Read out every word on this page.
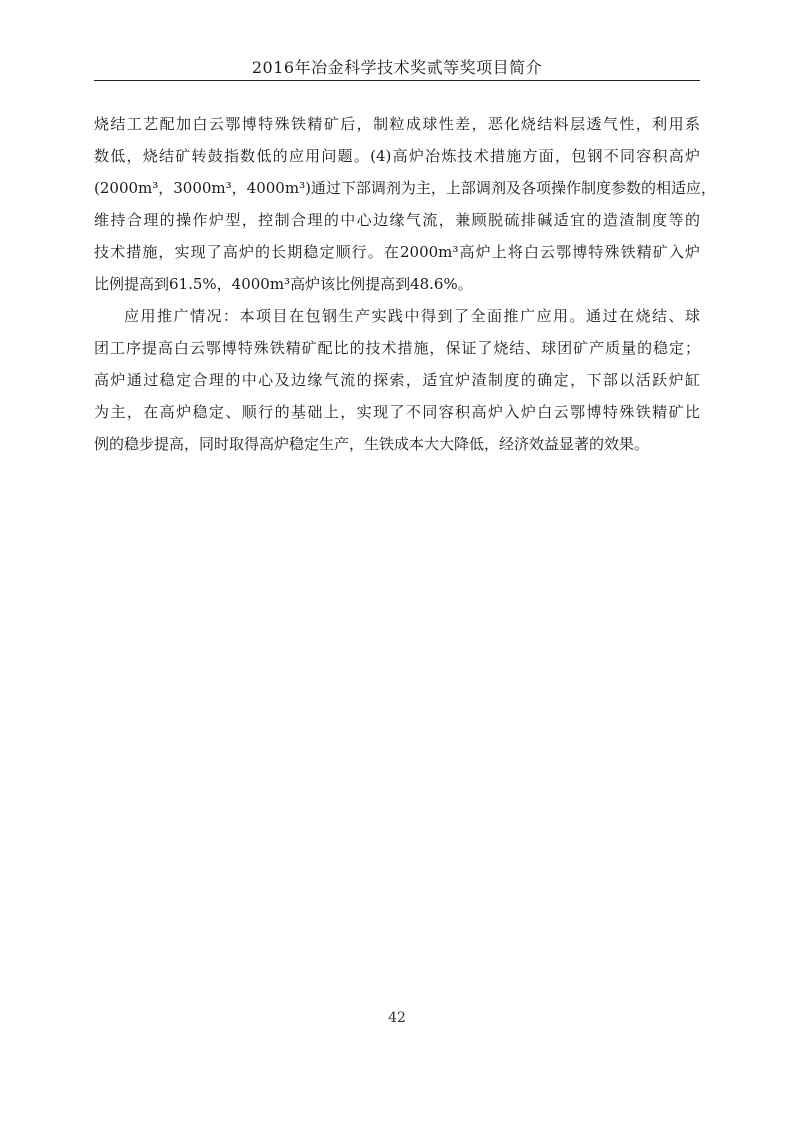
2016年冶金科学技术奖贰等奖项目简介
烧结工艺配加白云鄂博特殊铁精矿后，制粒成球性差，恶化烧结料层透气性，利用系
数低，烧结矿转鼓指数低的应用问题。(4)高炉冶炼技术措施方面，包钢不同容积高炉
(2000m³，3000m³，4000m³)通过下部调剂为主，上部调剂及各项操作制度参数的相适应，
维持合理的操作炉型，控制合理的中心边缘气流，兼顾脱硫排碱适宜的造渣制度等的
技术措施，实现了高炉的长期稳定顺行。在2000m³高炉上将白云鄂博特殊铁精矿入炉
比例提高到61.5%，4000m³高炉该比例提高到48.6%。
应用推广情况：本项目在包钢生产实践中得到了全面推广应用。通过在烧结、球
团工序提高白云鄂博特殊铁精矿配比的技术措施，保证了烧结、球团矿产质量的稳定；
高炉通过稳定合理的中心及边缘气流的探索，适宜炉渣制度的确定，下部以活跃炉缸
为主，在高炉稳定、顺行的基础上，实现了不同容积高炉入炉白云鄂博特殊铁精矿比
例的稳步提高，同时取得高炉稳定生产，生铁成本大大降低，经济效益显著的效果。
42
